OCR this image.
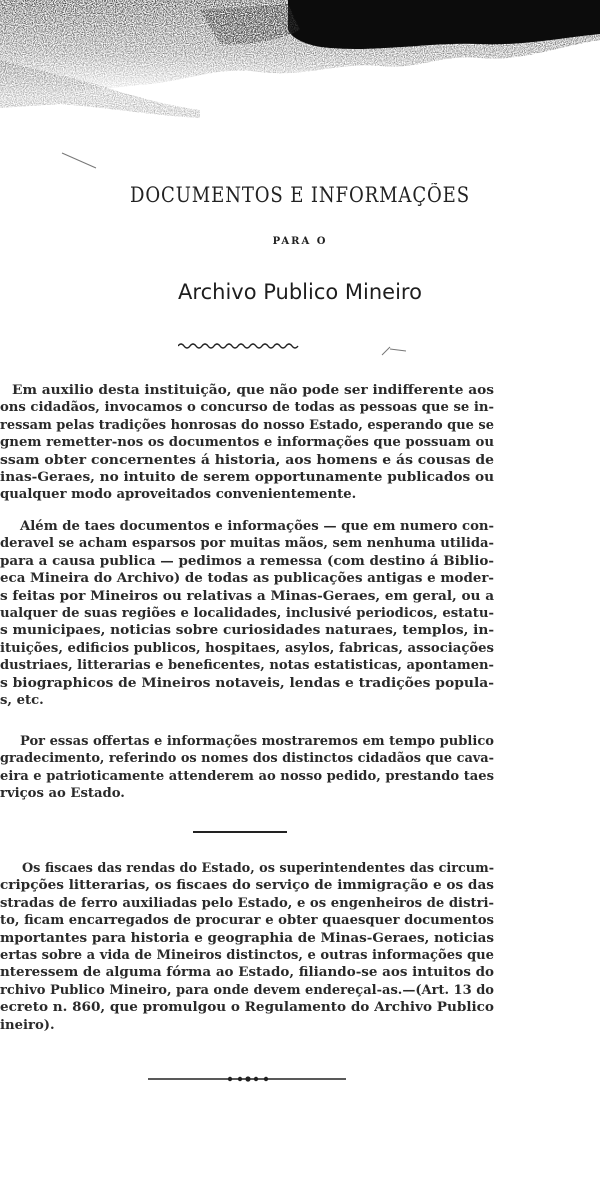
DOCUMENTOS E INFORMAÇÕES
PARA O
Archivo Publico Mineiro
Em auxilio desta instituição, que não pode ser indifferente aos
ons cidadãos, invocamos o concurso de todas as pessoas que se in-
ressam pelas tradições honrosas do nosso Estado, esperando que se
gnem remetter-nos os documentos e informações que possuam ou
ssam obter concernentes á historia, aos homens e ás cousas de
inas-Geraes, no intuito de serem opportunamente publicados ou
qualquer modo aproveitados convenientemente.
Além de taes documentos e informações — que em numero con-
deravel se acham esparsos por muitas mãos, sem nenhuma utilida-
para a causa publica — pedimos a remessa (com destino á Biblio-
eca Mineira do Archivo) de todas as publicações antigas e moder-
s feitas por Mineiros ou relativas a Minas-Geraes, em geral, ou a
ualquer de suas regiões e localidades, inclusivé periodicos, estatu-
s municipaes, noticias sobre curiosidades naturaes, templos, in-
ituições, edificios publicos, hospitaes, asylos, fabricas, associações
dustriaes, litterarias e beneficentes, notas estatisticas, apontamen-
s biographicos de Mineiros notaveis, lendas e tradições popula-
s, etc.
Por essas offertas e informações mostraremos em tempo publico
gradecimento, referindo os nomes dos distinctos cidadãos que cava-
eira e patrioticamente attenderem ao nosso pedido, prestando taes
rviços ao Estado.
Os fiscaes das rendas do Estado, os superintendentes das circum-
cripções litterarias, os fiscaes do serviço de immigração e os das
stradas de ferro auxiliadas pelo Estado, e os engenheiros de distri-
to, ficam encarregados de procurar e obter quaesquer documentos
mportantes para historia e geographia de Minas-Geraes, noticias
ertas sobre a vida de Mineiros distinctos, e outras informações que
nteressem de alguma fórma ao Estado, filiando-se aos intuitos do
rchivo Publico Mineiro, para onde devem endereçal-as.—(Art. 13 do
ecreto n. 860, que promulgou o Regulamento do Archivo Publico
ineiro).
